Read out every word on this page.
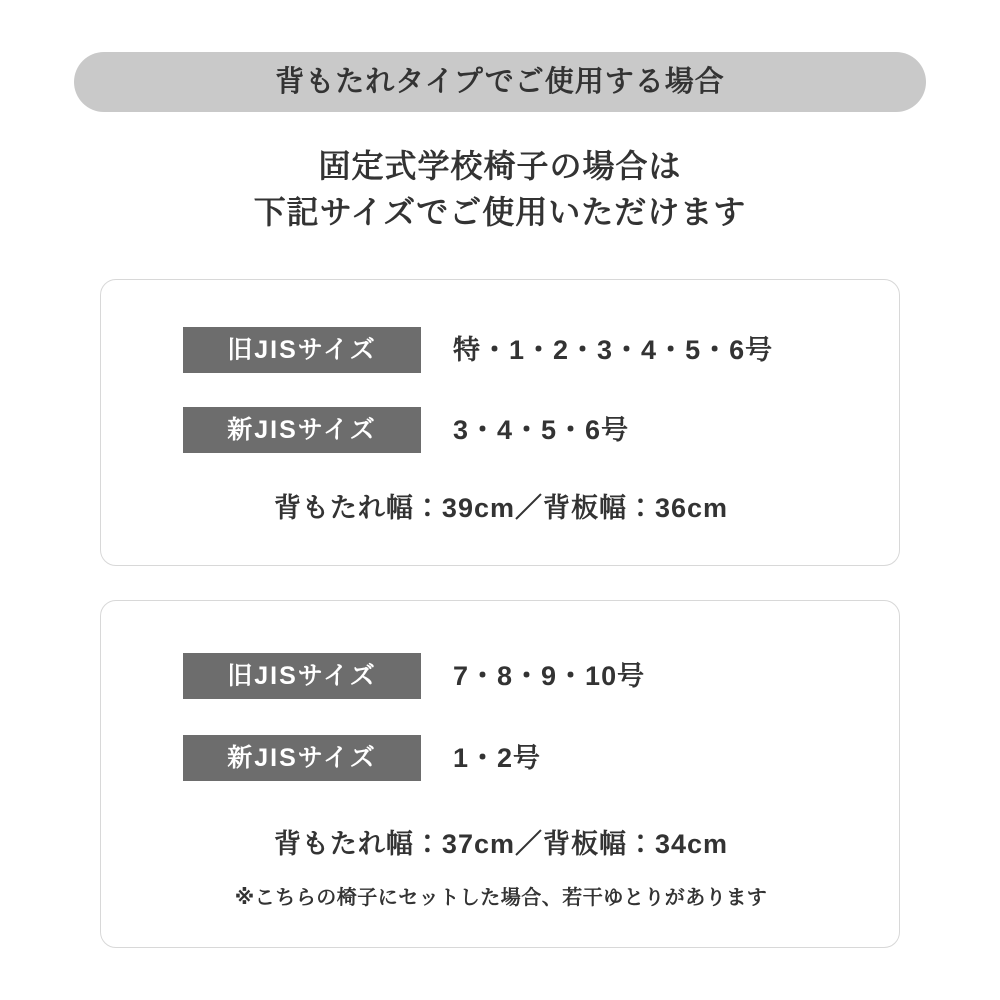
背もたれタイプでご使用する場合
固定式学校椅子の場合は
下記サイズでご使用いただけます
旧JISサイズ	特・1・2・3・4・5・6号
新JISサイズ	3・4・5・6号
背もたれ幅：39cm／背板幅：36cm
旧JISサイズ	7・8・9・10号
新JISサイズ	1・2号
背もたれ幅：37cm／背板幅：34cm
※こちらの椅子にセットした場合、若干ゆとりがあります
